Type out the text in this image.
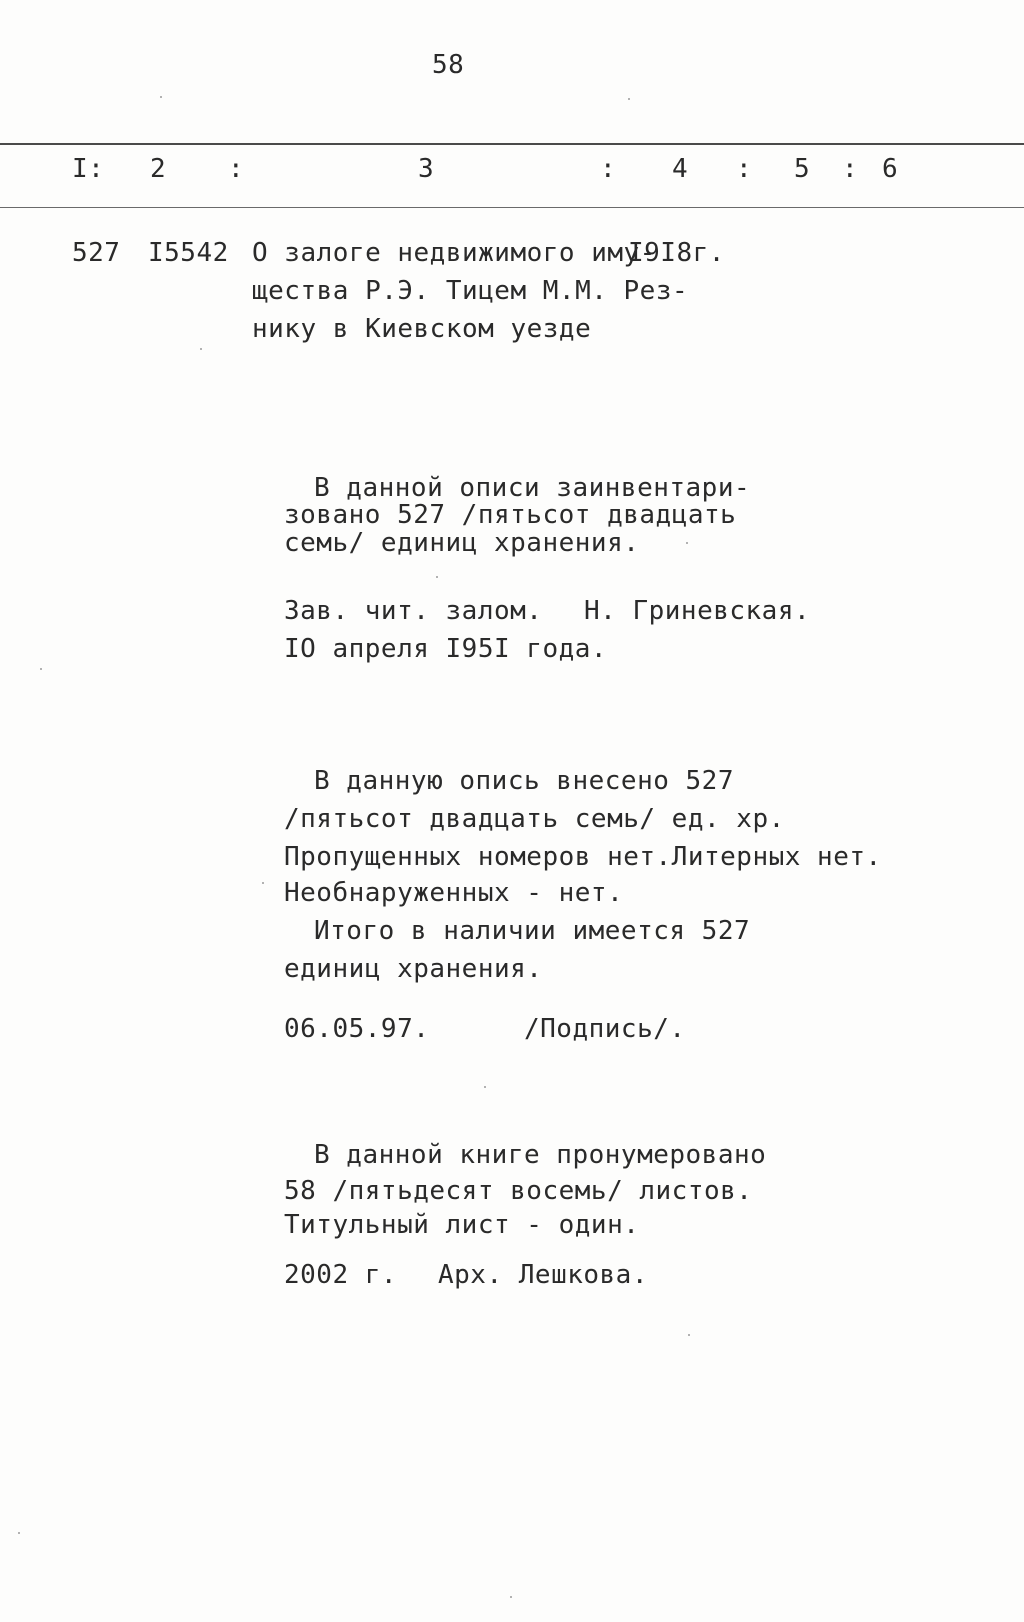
58
I: 2 :	3	: 4 : 5 : 6
527 I5542 О залоге недвижимого иму-
щества Р.Э. Тицем М.М. Рез-
нику в Киевском уезде
I9I8г.
В данной описи заинвентари-
зовано 527 /пятьсот двадцать
семь/ единиц хранения.
Зав. чит. залом. Н. Гриневская.
IO апреля I95I года.
В данную опись внесено 527
/пятьсот двадцать семь/ ед. хр.
Пропущенных номеров нет.Литерных нет.
Необнаруженных - нет.
Итого в наличии имеется 527
единиц хранения.
06.05.97.	/Подпись/.
В данной книге пронумеровано
58 /пятьдесят восемь/ листов.
Титульный лист - один.
2002 г. Арх. Лешкова.
